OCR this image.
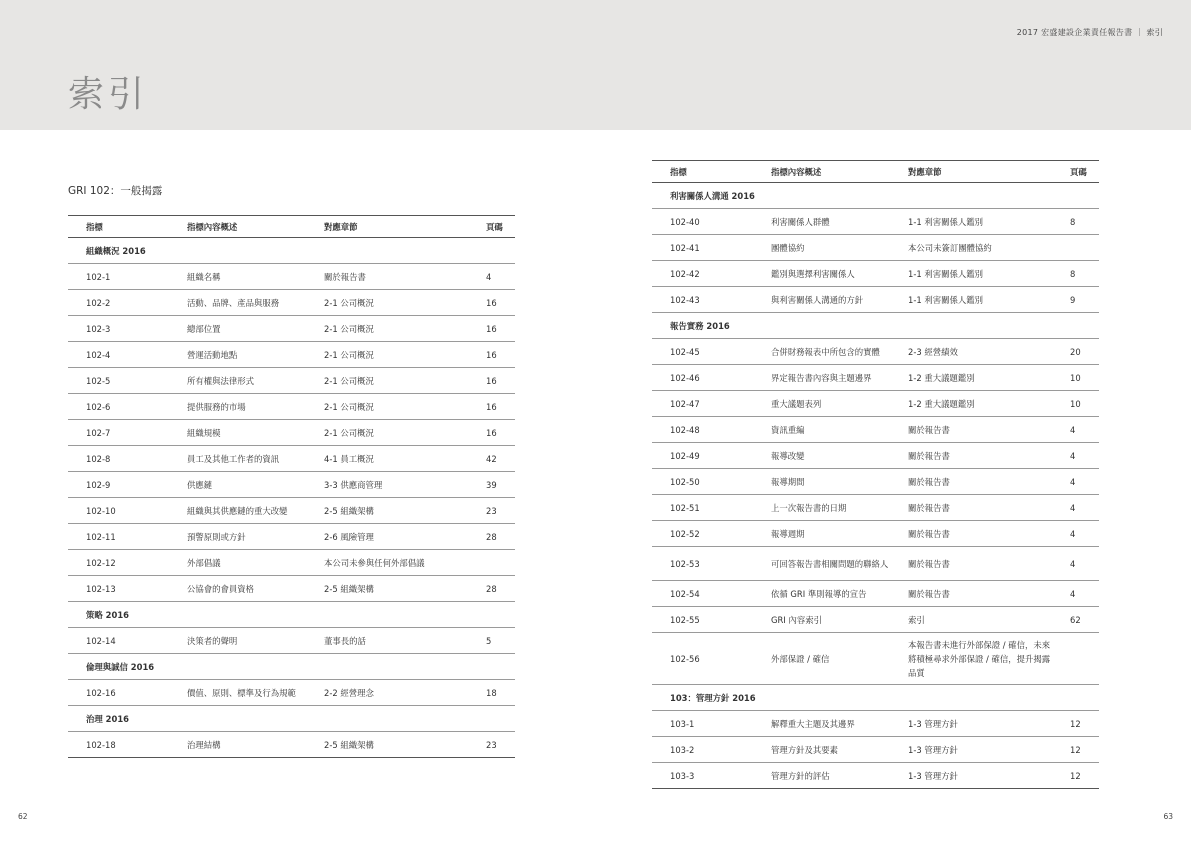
2017 宏盛建設企業責任報告書 ｜ 索引
索引
GRI 102：一般揭露
指標	指標內容概述	對應章節	頁碼
組織概況 2016			
102-1	組織名稱	關於報告書	4
102-2	活動、品牌、產品與服務	2-1 公司概況	16
102-3	總部位置	2-1 公司概況	16
102-4	營運活動地點	2-1 公司概況	16
102-5	所有權與法律形式	2-1 公司概況	16
102-6	提供服務的市場	2-1 公司概況	16
102-7	組織規模	2-1 公司概況	16
102-8	員工及其他工作者的資訊	4-1 員工概況	42
102-9	供應鏈	3-3 供應商管理	39
102-10	組織與其供應鏈的重大改變	2-5 組織架構	23
102-11	預警原則或方針	2-6 風險管理	28
102-12	外部倡議	本公司未參與任何外部倡議	
102-13	公協會的會員資格	2-5 組織架構	28
策略 2016			
102-14	決策者的聲明	董事長的話	5
倫理與誠信 2016			
102-16	價值、原則、標準及行為規範	2-2 經營理念	18
治理 2016			
102-18	治理結構	2-5 組織架構	23
指標	指標內容概述	對應章節	頁碼
利害關係人溝通 2016			
102-40	利害關係人群體	1-1 利害關係人鑑別	8
102-41	團體協約	本公司未簽訂團體協約	
102-42	鑑別與選擇利害關係人	1-1 利害關係人鑑別	8
102-43	與利害關係人溝通的方針	1-1 利害關係人鑑別	9
報告實務 2016			
102-45	合併財務報表中所包含的實體	2-3 經營績效	20
102-46	界定報告書內容與主題邊界	1-2 重大議題鑑別	10
102-47	重大議題表列	1-2 重大議題鑑別	10
102-48	資訊重編	關於報告書	4
102-49	報導改變	關於報告書	4
102-50	報導期間	關於報告書	4
102-51	上一次報告書的日期	關於報告書	4
102-52	報導週期	關於報告書	4
102-53	可回答報告書相關問題的聯絡人	關於報告書	4
102-54	依循 GRI 準則報導的宣告	關於報告書	4
102-55	GRI 內容索引	索引	62
102-56	外部保證 / 確信	本報告書未進行外部保證 / 確信，未來將積極尋求外部保證 / 確信，提升揭露品質	
103：管理方針 2016			
103-1	解釋重大主題及其邊界	1-3 管理方針	12
103-2	管理方針及其要素	1-3 管理方針	12
103-3	管理方針的評估	1-3 管理方針	12
62	63
